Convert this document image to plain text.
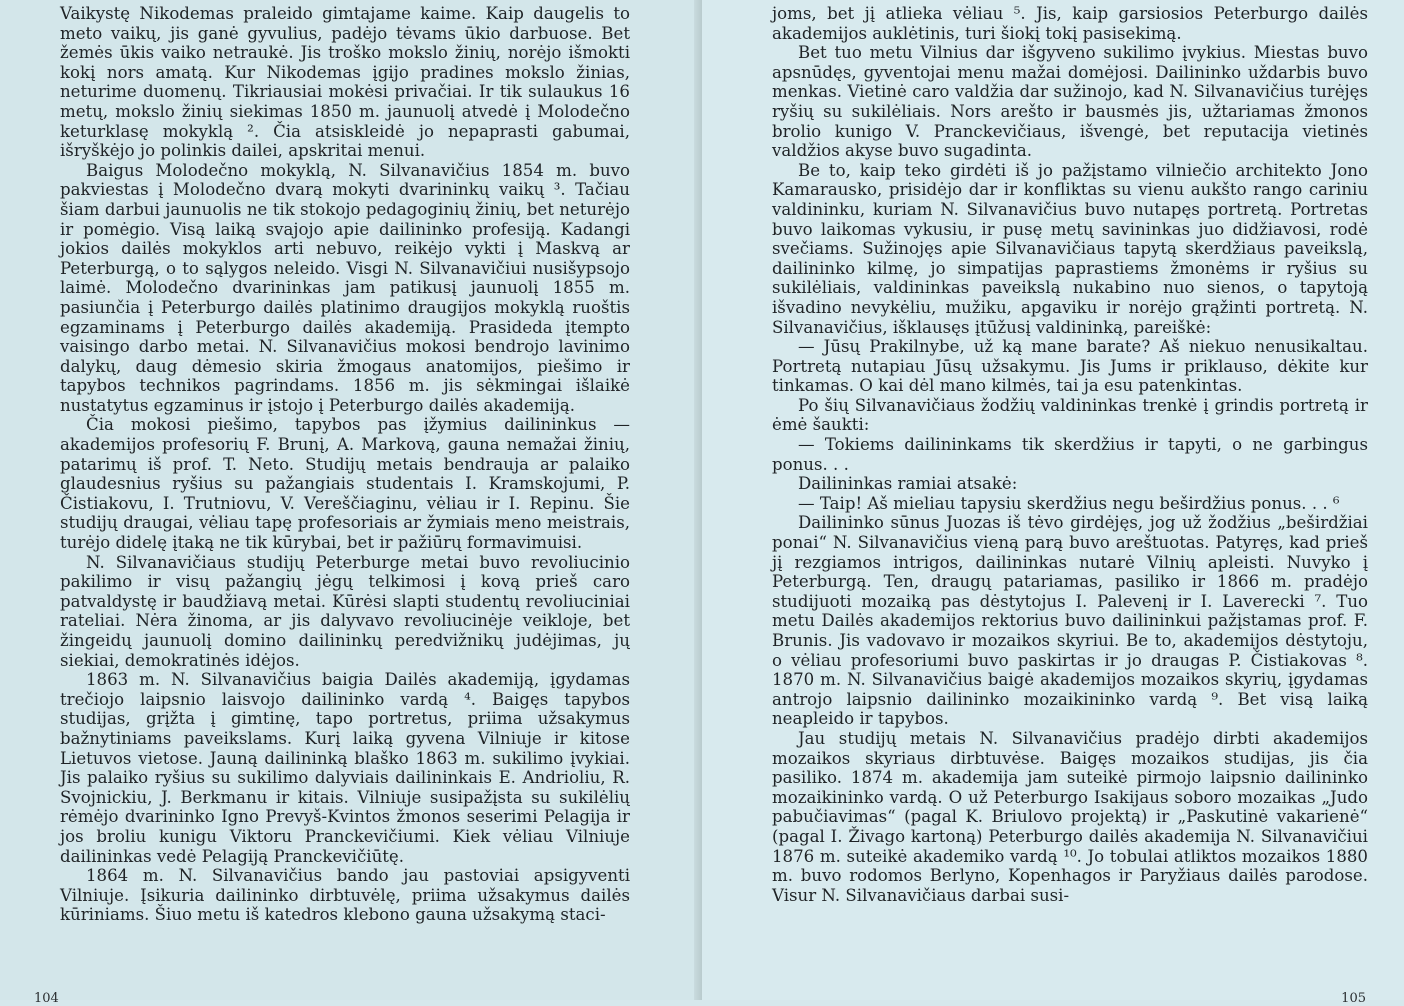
Vaikystę Nikodemas praleido gimtajame kaime. Kaip daugelis to meto vaikų, jis ganė gyvulius, padėjo tėvams ūkio darbuose. Bet žemės ūkis vaiko netraukė. Jis troško mokslo žinių, norėjo išmokti kokį nors amatą. Kur Nikodemas įgijo pradines mokslo žinias, neturime duomenų. Tikriausiai mokėsi privačiai. Ir tik sulaukus 16 metų, mokslo žinių siekimas 1850 m. jaunuolį atvedė į Molodečno keturklasę mokyklą ². Čia atsiskleidė jo nepaprasti gabumai, išryškėjo jo polinkis dailei, apskritai menui.

Baigus Molodečno mokyklą, N. Silvanavičius 1854 m. buvo pakviestas į Molodečno dvarą mokyti dvarininkų vaikų ³. Tačiau šiam darbui jaunuolis ne tik stokojo pedagoginių žinių, bet neturėjo ir pomėgio. Visą laiką svajojo apie dailininko profesiją. Kadangi jokios dailės mokyklos arti nebuvo, reikėjo vykti į Maskvą ar Peterburgą, o to sąlygos neleido. Visgi N. Silvanavičiui nusišypsojo laimė. Molodečno dvarininkas jam patikusį jaunuolį 1855 m. pasiunčia į Peterburgo dailės platinimo draugijos mokyklą ruoštis egzaminams į Peterburgo dailės akademiją. Prasideda įtempto vaisingo darbo metai. N. Silvanavičius mokosi bendrojo lavinimo dalykų, daug dėmesio skiria žmogaus anatomijos, piešimo ir tapybos technikos pagrindams. 1856 m. jis sėkmingai išlaikė nustatytus egzaminus ir įstojo į Peterburgo dailės akademiją.

Čia mokosi piešimo, tapybos pas įžymius dailininkus — akademijos profesorių F. Brunį, A. Markovą, gauna nemažai žinių, patarimų iš prof. T. Neto. Studijų metais bendrauja ar palaiko glaudesnius ryšius su pažangiais studentais I. Kramskojumi, P. Čistiakovu, I. Trutniovu, V. Vereščiaginu, vėliau ir I. Repinu. Šie studijų draugai, vėliau tapę profesoriais ar žymiais meno meistrais, turėjo didelę įtaką ne tik kūrybai, bet ir pažiūrų formavimuisi.

N. Silvanavičiaus studijų Peterburge metai buvo revoliucinio pakilimo ir visų pažangių jėgų telkimosi į kovą prieš caro patvaldystę ir baudžiavą metai. Kūrėsi slapti studentų revoliuciniai rateliai. Nėra žinoma, ar jis dalyvavo revoliucinėje veikloje, bet žingeidų jaunuolį domino dailininkų peredvižnikų judėjimas, jų siekiai, demokratinės idėjos.

1863 m. N. Silvanavičius baigia Dailės akademiją, įgydamas trečiojo laipsnio laisvojo dailininko vardą ⁴. Baigęs tapybos studijas, grįžta į gimtinę, tapo portretus, priima užsakymus bažnytiniams paveikslams. Kurį laiką gyvena Vilniuje ir kitose Lietuvos vietose. Jauną dailininką blaško 1863 m. sukilimo įvykiai. Jis palaiko ryšius su sukilimo dalyviais dailininkais E. Andrioliu, R. Svojnickiu, J. Berkmanu ir kitais. Vilniuje susipažįsta su sukilėlių rėmėjo dvarininko Igno Prevyš-Kvintos žmonos seserimi Pelagija ir jos broliu kunigu Viktoru Pranckevičiumi. Kiek vėliau Vilniuje dailininkas vedė Pelagiją Pranckevičiūtę.

1864 m. N. Silvanavičius bando jau pastoviai apsigyventi Vilniuje. Įsikuria dailininko dirbtuvėlę, priima užsakymus dailės kūriniams. Šiuo metu iš katedros klebono gauna užsakymą staci-

104

joms, bet jį atlieka vėliau ⁵. Jis, kaip garsiosios Peterburgo dailės akademijos auklėtinis, turi šiokį tokį pasisekimą.

Bet tuo metu Vilnius dar išgyveno sukilimo įvykius. Miestas buvo apsnūdęs, gyventojai menu mažai domėjosi. Dailininko uždarbis buvo menkas. Vietinė caro valdžia dar sužinojo, kad N. Silvanavičius turėjęs ryšių su sukilėliais. Nors arešto ir bausmės jis, užtariamas žmonos brolio kunigo V. Pranckevičiaus, išvengė, bet reputacija vietinės valdžios akyse buvo sugadinta.

Be to, kaip teko girdėti iš jo pažįstamo vilniečio architekto Jono Kamarausko, prisidėjo dar ir konfliktas su vienu aukšto rango cariniu valdininku, kuriam N. Silvanavičius buvo nutapęs portretą. Portretas buvo laikomas vykusiu, ir pusę metų savininkas juo didžiavosi, rodė svečiams. Sužinojęs apie Silvanavičiaus tapytą skerdžiaus paveikslą, dailininko kilmę, jo simpatijas paprastiems žmonėms ir ryšius su sukilėliais, valdininkas paveikslą nukabino nuo sienos, o tapytoją išvadino nevykėliu, mužiku, apgaviku ir norėjo grąžinti portretą. N. Silvanavičius, išklausęs įtūžusį valdininką, pareiškė:

— Jūsų Prakilnybe, už ką mane barate? Aš niekuo nenusikaltau. Portretą nutapiau Jūsų užsakymu. Jis Jums ir priklauso, dėkite kur tinkamas. O kai dėl mano kilmės, tai ja esu patenkintas.

Po šių Silvanavičiaus žodžių valdininkas trenkė į grindis portretą ir ėmė šaukti:

— Tokiems dailininkams tik skerdžius ir tapyti, o ne garbingus ponus. . .

Dailininkas ramiai atsakė:

— Taip! Aš mieliau tapysiu skerdžius negu beširdžius ponus. . . ⁶

Dailininko sūnus Juozas iš tėvo girdėjęs, jog už žodžius „beširdžiai ponai“ N. Silvanavičius vieną parą buvo areštuotas. Patyręs, kad prieš jį rezgiamos intrigos, dailininkas nutarė Vilnių apleisti. Nuvyko į Peterburgą. Ten, draugų patariamas, pasiliko ir 1866 m. pradėjo studijuoti mozaiką pas dėstytojus I. Palevenį ir I. Laverecki ⁷. Tuo metu Dailės akademijos rektorius buvo dailininkui pažįstamas prof. F. Brunis. Jis vadovavo ir mozaikos skyriui. Be to, akademijos dėstytoju, o vėliau profesoriumi buvo paskirtas ir jo draugas P. Čistiakovas ⁸. 1870 m. N. Silvanavičius baigė akademijos mozaikos skyrių, įgydamas antrojo laipsnio dailininko mozaikininko vardą ⁹. Bet visą laiką neapleido ir tapybos.

Jau studijų metais N. Silvanavičius pradėjo dirbti akademijos mozaikos skyriaus dirbtuvėse. Baigęs mozaikos studijas, jis čia pasiliko. 1874 m. akademija jam suteikė pirmojo laipsnio dailininko mozaikininko vardą. O už Peterburgo Isakijaus soboro mozaikas „Judo pabučiavimas“ (pagal K. Briulovo projektą) ir „Paskutinė vakarienė“ (pagal I. Živago kartoną) Peterburgo dailės akademija N. Silvanavičiui 1876 m. suteikė akademiko vardą ¹⁰. Jo tobulai atliktos mozaikos 1880 m. buvo rodomos Berlyno, Kopenhagos ir Paryžiaus dailės parodose. Visur N. Silvanavičiaus darbai susi-

105
